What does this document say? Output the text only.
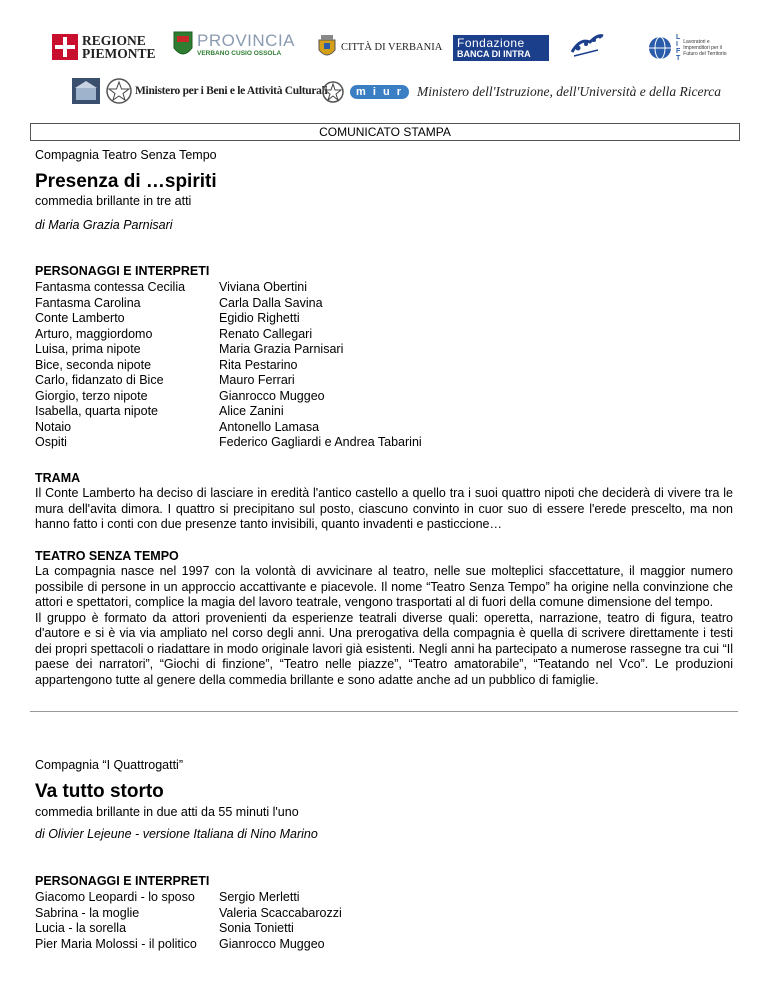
REGIONE
PIEMONTE
PROVINCIA
VERBANO CUSIO OSSOLA
CITTÀ DI VERBANIA Fondazione
BANCA DI INTRA
L
I
F
T
Lavoratori e Imprenditori per il Futuro del Territorio
Ministero per i Beni e le Attività Culturali	m i u r	Ministero dell'Istruzione, dell'Università e della Ricerca
COMUNICATO STAMPA
Compagnia Teatro Senza Tempo
Presenza di …spiriti
commedia brillante in tre atti
di Maria Grazia Parnisari
PERSONAGGI E INTERPRETI
Fantasma contessa Cecilia
Fantasma Carolina
Conte Lamberto
Arturo, maggiordomo
Luisa, prima nipote
Bice, seconda nipote
Carlo, fidanzato di Bice
Giorgio, terzo nipote
Isabella, quarta nipote
Notaio
Ospiti
Viviana Obertini
Carla Dalla Savina
Egidio Righetti
Renato Callegari
Maria Grazia Parnisari
Rita Pestarino
Mauro Ferrari
Gianrocco Muggeo
Alice Zanini
Antonello Lamasa
Federico Gagliardi e Andrea Tabarini
TRAMA

Il Conte Lamberto ha deciso di lasciare in eredità l'antico castello a quello tra i suoi quattro nipoti che deciderà di vivere tra le mura dell'avita dimora. I quattro si precipitano sul posto, ciascuno convinto in cuor suo di essere l'erede prescelto, ma non hanno fatto i conti con due presenze tanto invisibili, quanto invadenti e pasticcione…

TEATRO SENZA TEMPO

La compagnia nasce nel 1997 con la volontà di avvicinare al teatro, nelle sue molteplici sfaccettature, il maggior numero possibile di persone in un approccio accattivante e piacevole. Il nome “Teatro Senza Tempo” ha origine nella convinzione che attori e spettatori, complice la magia del lavoro teatrale, vengono trasportati al di fuori della comune dimensione del tempo.

Il gruppo è formato da attori provenienti da esperienze teatrali diverse quali: operetta, narrazione, teatro di figura, teatro d'autore e si è via via ampliato nel corso degli anni. Una prerogativa della compagnia è quella di scrivere direttamente i testi dei propri spettacoli o riadattare in modo originale lavori già esistenti. Negli anni ha partecipato a numerose rassegne tra cui “Il paese dei narratori”, “Giochi di finzione”, “Teatro nelle piazze”, “Teatro amatorabile”, “Teatando nel Vco”. Le produzioni appartengono tutte al genere della commedia brillante e sono adatte anche ad un pubblico di famiglie.

Compagnia “I Quattrogatti”
Va tutto storto
commedia brillante in due atti da 55 minuti l'uno
di Olivier Lejeune - versione Italiana di Nino Marino
PERSONAGGI E INTERPRETI
Giacomo Leopardi - lo sposo
Sabrina - la moglie
Lucia - la sorella
Pier Maria Molossi - il politico
Sergio Merletti
Valeria Scaccabarozzi
Sonia Tonietti
Gianrocco Muggeo
